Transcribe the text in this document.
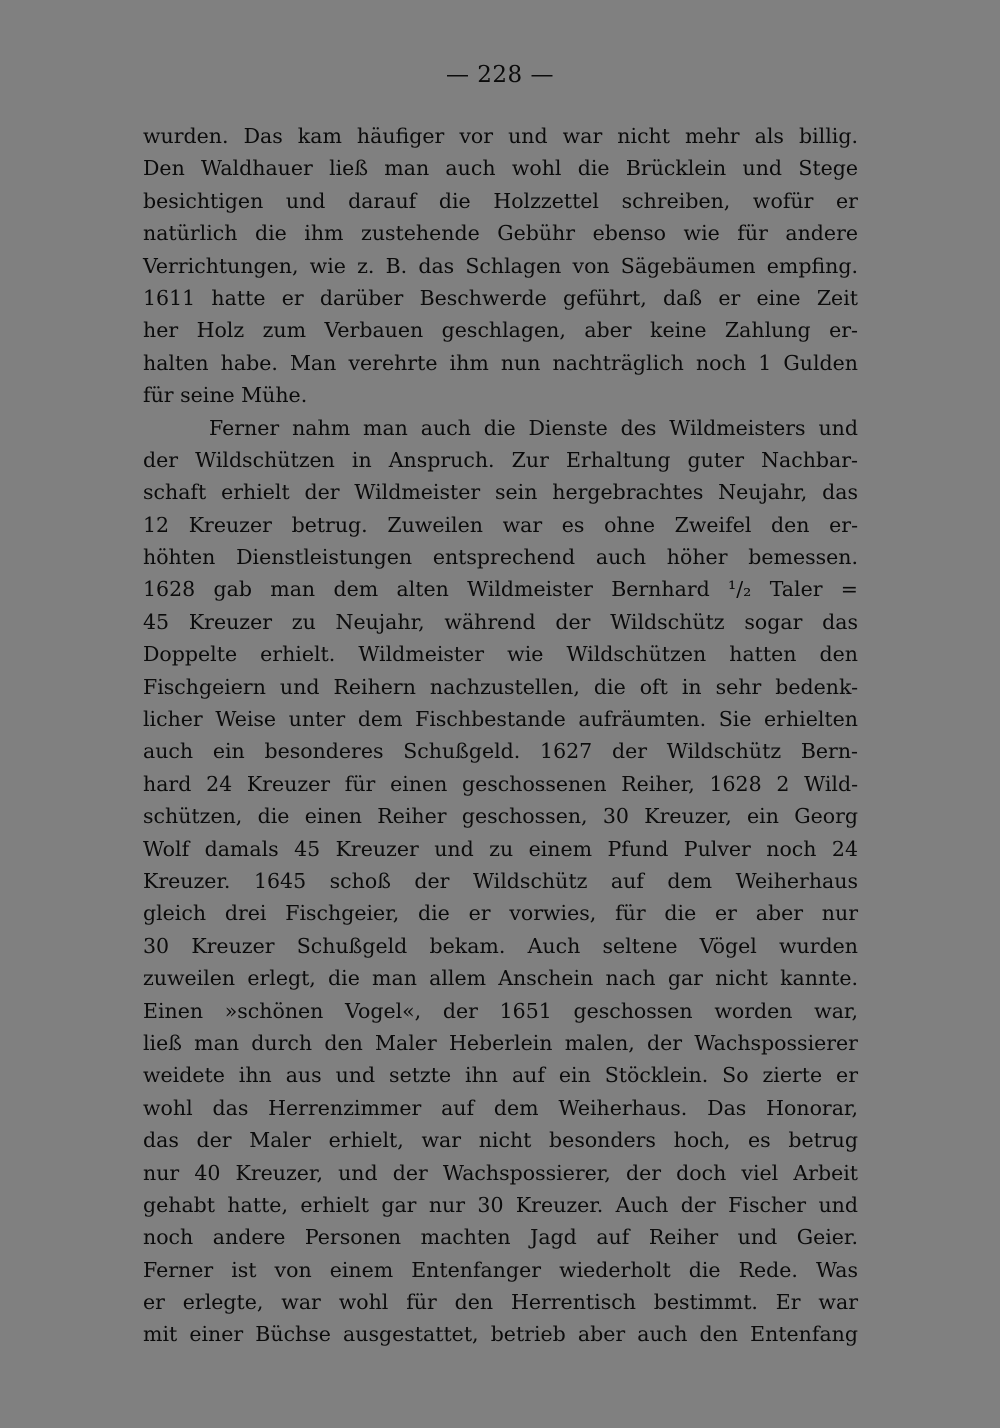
— 228 —
wurden. Das kam häufiger vor und war nicht mehr als billig.
Den Waldhauer ließ man auch wohl die Brücklein und Stege
besichtigen und darauf die Holzzettel schreiben, wofür er
natürlich die ihm zustehende Gebühr ebenso wie für andere
Verrichtungen, wie z. B. das Schlagen von Sägebäumen empfing.
1611 hatte er darüber Beschwerde geführt, daß er eine Zeit
her Holz zum Verbauen geschlagen, aber keine Zahlung er-
halten habe. Man verehrte ihm nun nachträglich noch 1 Gulden
für seine Mühe.
Ferner nahm man auch die Dienste des Wildmeisters und
der Wildschützen in Anspruch. Zur Erhaltung guter Nachbar-
schaft erhielt der Wildmeister sein hergebrachtes Neujahr, das
12 Kreuzer betrug. Zuweilen war es ohne Zweifel den er-
höhten Dienstleistungen entsprechend auch höher bemessen.
1628 gab man dem alten Wildmeister Bernhard ¹/₂ Taler =
45 Kreuzer zu Neujahr, während der Wildschütz sogar das
Doppelte erhielt. Wildmeister wie Wildschützen hatten den
Fischgeiern und Reihern nachzustellen, die oft in sehr bedenk-
licher Weise unter dem Fischbestande aufräumten. Sie erhielten
auch ein besonderes Schußgeld. 1627 der Wildschütz Bern-
hard 24 Kreuzer für einen geschossenen Reiher, 1628 2 Wild-
schützen, die einen Reiher geschossen, 30 Kreuzer, ein Georg
Wolf damals 45 Kreuzer und zu einem Pfund Pulver noch 24
Kreuzer. 1645 schoß der Wildschütz auf dem Weiherhaus
gleich drei Fischgeier, die er vorwies, für die er aber nur
30 Kreuzer Schußgeld bekam. Auch seltene Vögel wurden
zuweilen erlegt, die man allem Anschein nach gar nicht kannte.
Einen »schönen Vogel«, der 1651 geschossen worden war,
ließ man durch den Maler Heberlein malen, der Wachspossierer
weidete ihn aus und setzte ihn auf ein Stöcklein. So zierte er
wohl das Herrenzimmer auf dem Weiherhaus. Das Honorar,
das der Maler erhielt, war nicht besonders hoch, es betrug
nur 40 Kreuzer, und der Wachspossierer, der doch viel Arbeit
gehabt hatte, erhielt gar nur 30 Kreuzer. Auch der Fischer und
noch andere Personen machten Jagd auf Reiher und Geier.
Ferner ist von einem Entenfanger wiederholt die Rede. Was
er erlegte, war wohl für den Herrentisch bestimmt. Er war
mit einer Büchse ausgestattet, betrieb aber auch den Entenfang
